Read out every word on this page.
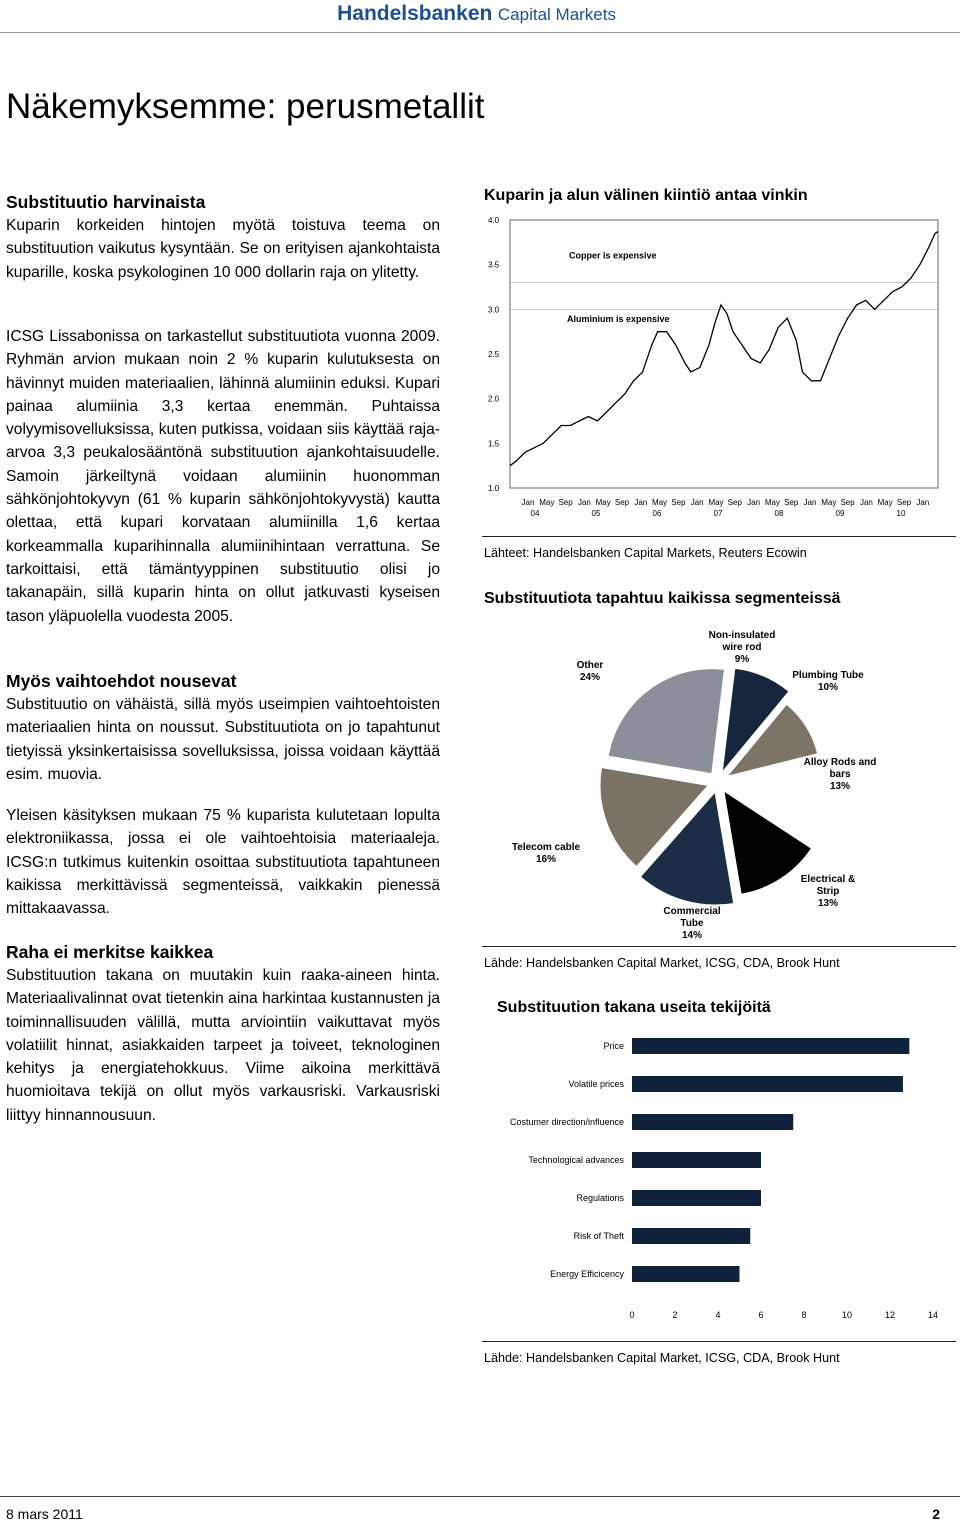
Handelsbanken Capital Markets
Näkemyksemme: perusmetallit
Substituutio harvinaista

Kuparin korkeiden hintojen myötä toistuva teema on substituution vaikutus kysyntään. Se on erityisen ajankohtaista kuparille, koska psykologinen 10 000 dollarin raja on ylitetty.

ICSG Lissabonissa on tarkastellut substituutiota vuonna 2009. Ryhmän arvion mukaan noin 2 % kuparin kulutuksesta on hävinnyt muiden materiaalien, lähinnä alumiinin eduksi. Kupari painaa alumiinia 3,3 kertaa enemmän. Puhtaissa volyymisovelluksissa, kuten putkissa, voidaan siis käyttää raja-arvoa 3,3 peukalosääntönä substituution ajankohtaisuudelle. Samoin järkeiltynä voidaan alumiinin huonomman sähkönjohtokyvyn (61 % kuparin sähkönjohtokyvystä) kautta olettaa, että kupari korvataan alumiinilla 1,6 kertaa korkeammalla kuparihinnalla alumiinihintaan verrattuna. Se tarkoittaisi, että tämäntyyppinen substituutio olisi jo takanapäin, sillä kuparin hinta on ollut jatkuvasti kyseisen tason yläpuolella vuodesta 2005.

Myös vaihtoehdot nousevat

Substituutio on vähäistä, sillä myös useimpien vaihtoehtoisten materiaalien hinta on noussut. Substituutiota on jo tapahtunut tietyissä yksinkertaisissa sovelluksissa, joissa voidaan käyttää esim. muovia.

Yleisen käsityksen mukaan 75 % kuparista kulutetaan lopulta elektroniikassa, jossa ei ole vaihtoehtoisia materiaaleja. ICSG:n tutkimus kuitenkin osoittaa substituutiota tapahtuneen kaikissa merkittävissä segmenteissä, vaikkakin pienessä mittakaavassa.

Raha ei merkitse kaikkea

Substituution takana on muutakin kuin raaka-aineen hinta. Materiaalivalinnat ovat tietenkin aina harkintaa kustannusten ja toiminnallisuuden välillä, mutta arviointiin vaikuttavat myös volatiilit hinnat, asiakkaiden tarpeet ja toiveet, teknologinen kehitys ja energiatehokkuus. Viime aikoina merkittävä huomioitava tekijä on ollut myös varkausriski. Varkausriski liittyy hinnannousuun.

Kuparin ja alun välinen kiintiö antaa vinkin
4.0
3.5
3.0
2.5
2.0
1.5
1.0
Copper is expensive
Aluminium is expensive
Jan May Sep Jan May Sep Jan May Sep Jan May Sep Jan May Sep Jan May Sep Jan May Sep Jan
04	05	06	07	08	09	10
Lähteet: Handelsbanken Capital Markets, Reuters Ecowin
Substituutiota tapahtuu kaikissa segmenteissä
Non-insulated
wire rod
9%
Plumbing Tube
10%
Alloy Rods and
bars
13%
Electrical &
Strip
13%
Commercial
Tube
14%
Telecom cable
16%
Other
24%
Lähde: Handelsbanken Capital Market, ICSG, CDA, Brook Hunt
Substituution takana useita tekijöitä
Price
Volatile prices
Costumer direction/influence
Technological advances
Regulations
Risk of Theft
Energy Efficicency
0	2	4	6	8	10	12	14
Lähde: Handelsbanken Capital Market, ICSG, CDA, Brook Hunt
8 mars 2011	2
